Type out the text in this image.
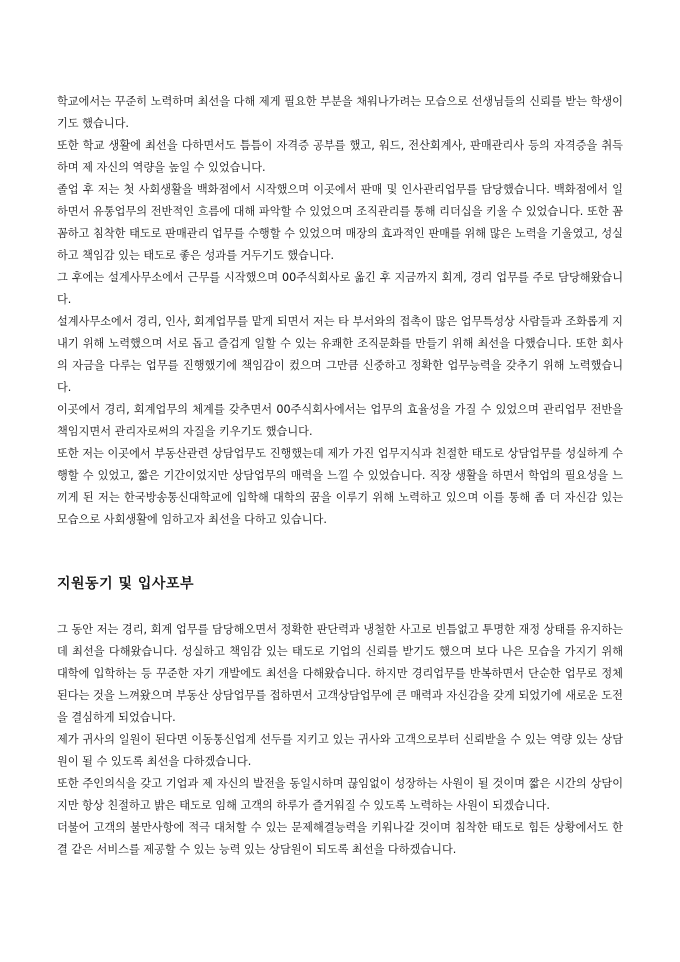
학교에서는 꾸준히 노력하며 최선을 다해 제게 필요한 부분을 채워나가려는 모습으로 선생님들의 신뢰를 받는 학생이기도 했습니다.

또한 학교 생활에 최선을 다하면서도 틈틈이 자격증 공부를 했고, 워드, 전산회계사, 판매관리사 등의 자격증을 취득하며 제 자신의 역량을 높일 수 있었습니다.

졸업 후 저는 첫 사회생활을 백화점에서 시작했으며 이곳에서 판매 및 인사관리업무를 담당했습니다. 백화점에서 일하면서 유통업무의 전반적인 흐름에 대해 파악할 수 있었으며 조직관리를 통해 리더십을 키울 수 있었습니다. 또한 꼼꼼하고 침착한 태도로 판매관리 업무를 수행할 수 있었으며 매장의 효과적인 판매를 위해 많은 노력을 기울였고, 성실하고 책임감 있는 태도로 좋은 성과를 거두기도 했습니다.

그 후에는 설계사무소에서 근무를 시작했으며 00주식회사로 옮긴 후 지금까지 회계, 경리 업무를 주로 담당해왔습니다.

설계사무소에서 경리, 인사, 회계업무를 맡게 되면서 저는 타 부서와의 접촉이 많은 업무특성상 사람들과 조화롭게 지내기 위해 노력했으며 서로 돕고 즐겁게 일할 수 있는 유쾌한 조직문화를 만들기 위해 최선을 다했습니다. 또한 회사의 자금을 다루는 업무를 진행했기에 책임감이 컸으며 그만큼 신중하고 정확한 업무능력을 갖추기 위해 노력했습니다.

이곳에서 경리, 회계업무의 체계를 갖추면서 00주식회사에서는 업무의 효율성을 가질 수 있었으며 관리업무 전반을 책임지면서 관리자로써의 자질을 키우기도 했습니다.

또한 저는 이곳에서 부동산관련 상담업무도 진행했는데 제가 가진 업무지식과 친절한 태도로 상담업무를 성실하게 수행할 수 있었고, 짧은 기간이었지만 상담업무의 매력을 느낄 수 있었습니다. 직장 생활을 하면서 학업의 필요성을 느끼게 된 저는 한국방송통신대학교에 입학해 대학의 꿈을 이루기 위해 노력하고 있으며 이를 통해 좀 더 자신감 있는 모습으로 사회생활에 임하고자 최선을 다하고 있습니다.

지원동기 및 입사포부

그 동안 저는 경리, 회계 업무를 담당해오면서 정확한 판단력과 냉철한 사고로 빈틈없고 투명한 재정 상태를 유지하는데 최선을 다해왔습니다. 성실하고 책임감 있는 태도로 기업의 신뢰를 받기도 했으며 보다 나은 모습을 가지기 위해 대학에 입학하는 등 꾸준한 자기 개발에도 최선을 다해왔습니다. 하지만 경리업무를 반복하면서 단순한 업무로 정체된다는 것을 느껴왔으며 부동산 상담업무를 접하면서 고객상담업무에 큰 매력과 자신감을 갖게 되었기에 새로운 도전을 결심하게 되었습니다.

제가 귀사의 일원이 된다면 이동통신업계 선두를 지키고 있는 귀사와 고객으로부터 신뢰받을 수 있는 역량 있는 상담원이 될 수 있도록 최선을 다하겠습니다.

또한 주인의식을 갖고 기업과 제 자신의 발전을 동일시하며 끊임없이 성장하는 사원이 될 것이며 짧은 시간의 상담이지만 항상 친절하고 밝은 태도로 임해 고객의 하루가 즐거워질 수 있도록 노력하는 사원이 되겠습니다.

더불어 고객의 불만사항에 적극 대처할 수 있는 문제해결능력을 키워나갈 것이며 침착한 태도로 힘든 상황에서도 한결 같은 서비스를 제공할 수 있는 능력 있는 상담원이 되도록 최선을 다하겠습니다.
